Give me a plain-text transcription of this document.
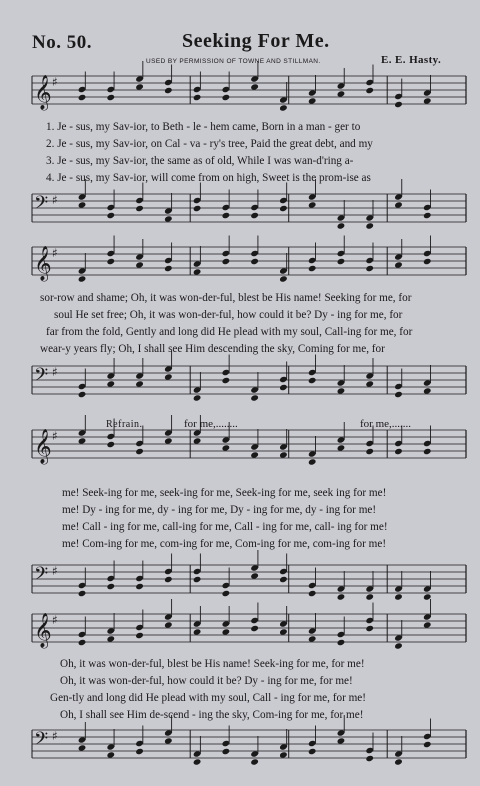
No. 50.	Seeking For Me.
USED BY PERMISSION OF TOWNE AND STILLMAN.	E. E. Hasty.
𝄞 ♯
𝄢 ♯
𝄞 ♯
𝄢 ♯
𝄞 ♯
𝄢 ♯
𝄞 ♯
𝄢 ♯
Refrain.	for me,........	for me,.......
1. Je - sus, my Sav-ior, to Beth - le - hem came, Born in a man - ger to
2. Je - sus, my Sav-ior, on Cal - va - ry's tree, Paid the great debt, and my
3. Je - sus, my Sav-ior, the same as of old, While I was wan-d'ring a-
4. Je - sus, my Sav-ior, will come from on high, Sweet is the prom-ise as
sor-row and shame; Oh, it was won-der-ful, blest be His name! Seeking for me, for
soul He set free; Oh, it was won-der-ful, how could it be? Dy - ing for me, for
far from the fold, Gently and long did He plead with my soul, Call-ing for me, for
wear-y years fly; Oh, I shall see Him descending the sky, Coming for me, for
me! Seek-ing for me, seek-ing for me, Seek-ing for me, seek ing for me!
me! Dy - ing for me, dy - ing for me, Dy - ing for me, dy - ing for me!
me! Call - ing for me, call-ing for me, Call - ing for me, call- ing for me!
me! Com-ing for me, com-ing for me, Com-ing for me, com-ing for me!
Oh, it was won-der-ful, blest be His name! Seek-ing for me, for me!
Oh, it was won-der-ful, how could it be? Dy - ing for me, for me!
Gen-tly and long did He plead with my soul, Call - ing for me, for me!
Oh, I shall see Him de-scend - ing the sky, Com-ing for me, for me!
